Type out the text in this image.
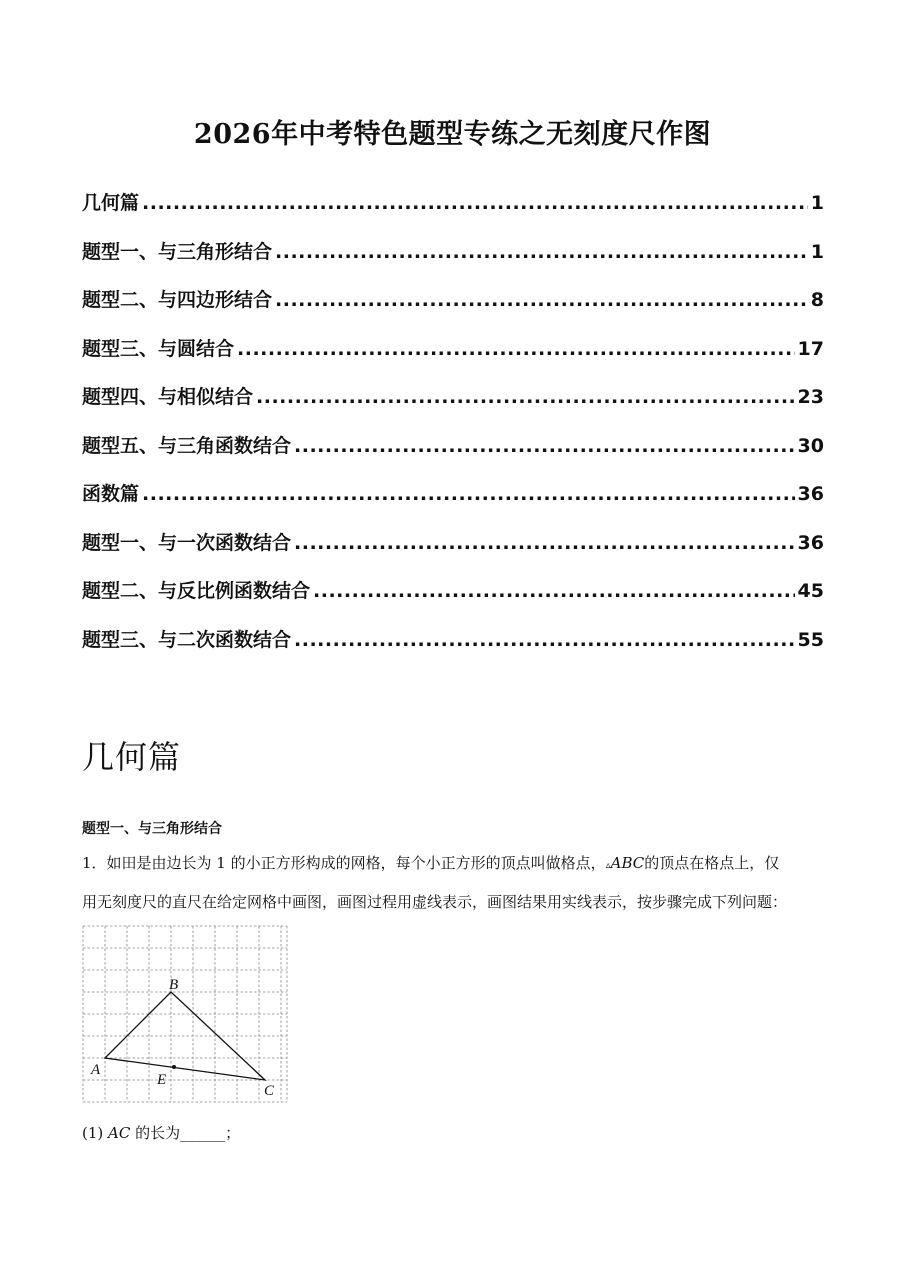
2026年中考特色题型专练之无刻度尺作图
几何篇 .....	1
题型一、与三角形结合 .....	1
题型二、与四边形结合 .....	8
题型三、与圆结合 .....	17
题型四、与相似结合 .....	23
题型五、与三角函数结合 .....	30
函数篇 .....	36
题型一、与一次函数结合 .....	36
题型二、与反比例函数结合 .....	45
题型三、与二次函数结合 .....	55
几何篇
题型一、与三角形结合
1．如田是由边长为 1 的小正方形构成的网格，每个小正方形的顶点叫做格点，▵ABC的顶点在格点上，仅
用无刻度尺的直尺在给定网格中画图，画图过程用虚线表示，画图结果用实线表示，按步骤完成下列问题：
A
B
C
E
(1) AC 的长为______；
